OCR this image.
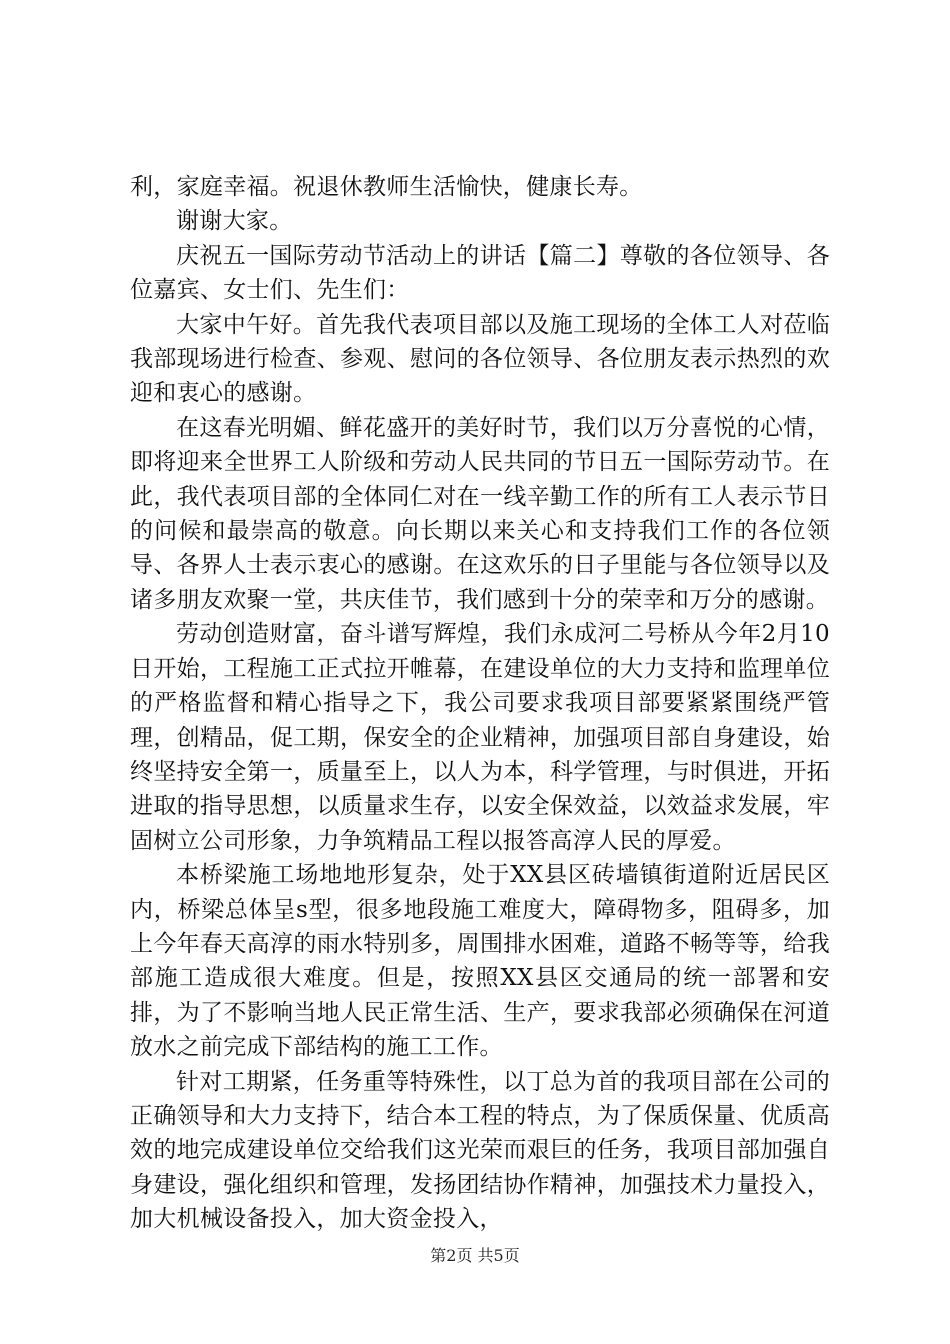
利，家庭幸福。祝退休教师生活愉快，健康长寿。

谢谢大家。

庆祝五一国际劳动节活动上的讲话【篇二】尊敬的各位领导、各位嘉宾、女士们、先生们：

大家中午好。首先我代表项目部以及施工现场的全体工人对莅临我部现场进行检查、参观、慰问的各位领导、各位朋友表示热烈的欢迎和衷心的感谢。

在这春光明媚、鲜花盛开的美好时节，我们以万分喜悦的心情，即将迎来全世界工人阶级和劳动人民共同的节日五一国际劳动节。在此，我代表项目部的全体同仁对在一线辛勤工作的所有工人表示节日的问候和最崇高的敬意。向长期以来关心和支持我们工作的各位领导、各界人士表示衷心的感谢。在这欢乐的日子里能与各位领导以及诸多朋友欢聚一堂，共庆佳节，我们感到十分的荣幸和万分的感谢。

劳动创造财富，奋斗谱写辉煌，我们永成河二号桥从今年2月10日开始，工程施工正式拉开帷幕，在建设单位的大力支持和监理单位的严格监督和精心指导之下，我公司要求我项目部要紧紧围绕严管理，创精品，促工期，保安全的企业精神，加强项目部自身建设，始终坚持安全第一，质量至上，以人为本，科学管理，与时俱进，开拓进取的指导思想，以质量求生存，以安全保效益，以效益求发展，牢固树立公司形象，力争筑精品工程以报答高淳人民的厚爱。

本桥梁施工场地地形复杂，处于XX县区砖墙镇街道附近居民区内，桥梁总体呈s型，很多地段施工难度大，障碍物多，阻碍多，加上今年春天高淳的雨水特别多，周围排水困难，道路不畅等等，给我部施工造成很大难度。但是，按照XX县区交通局的统一部署和安排，为了不影响当地人民正常生活、生产，要求我部必须确保在河道放水之前完成下部结构的施工工作。

针对工期紧，任务重等特殊性，以丁总为首的我项目部在公司的正确领导和大力支持下，结合本工程的特点，为了保质保量、优质高效的地完成建设单位交给我们这光荣而艰巨的任务，我项目部加强自身建设，强化组织和管理，发扬团结协作精神，加强技术力量投入，加大机械设备投入，加大资金投入，

第2页 共5页
